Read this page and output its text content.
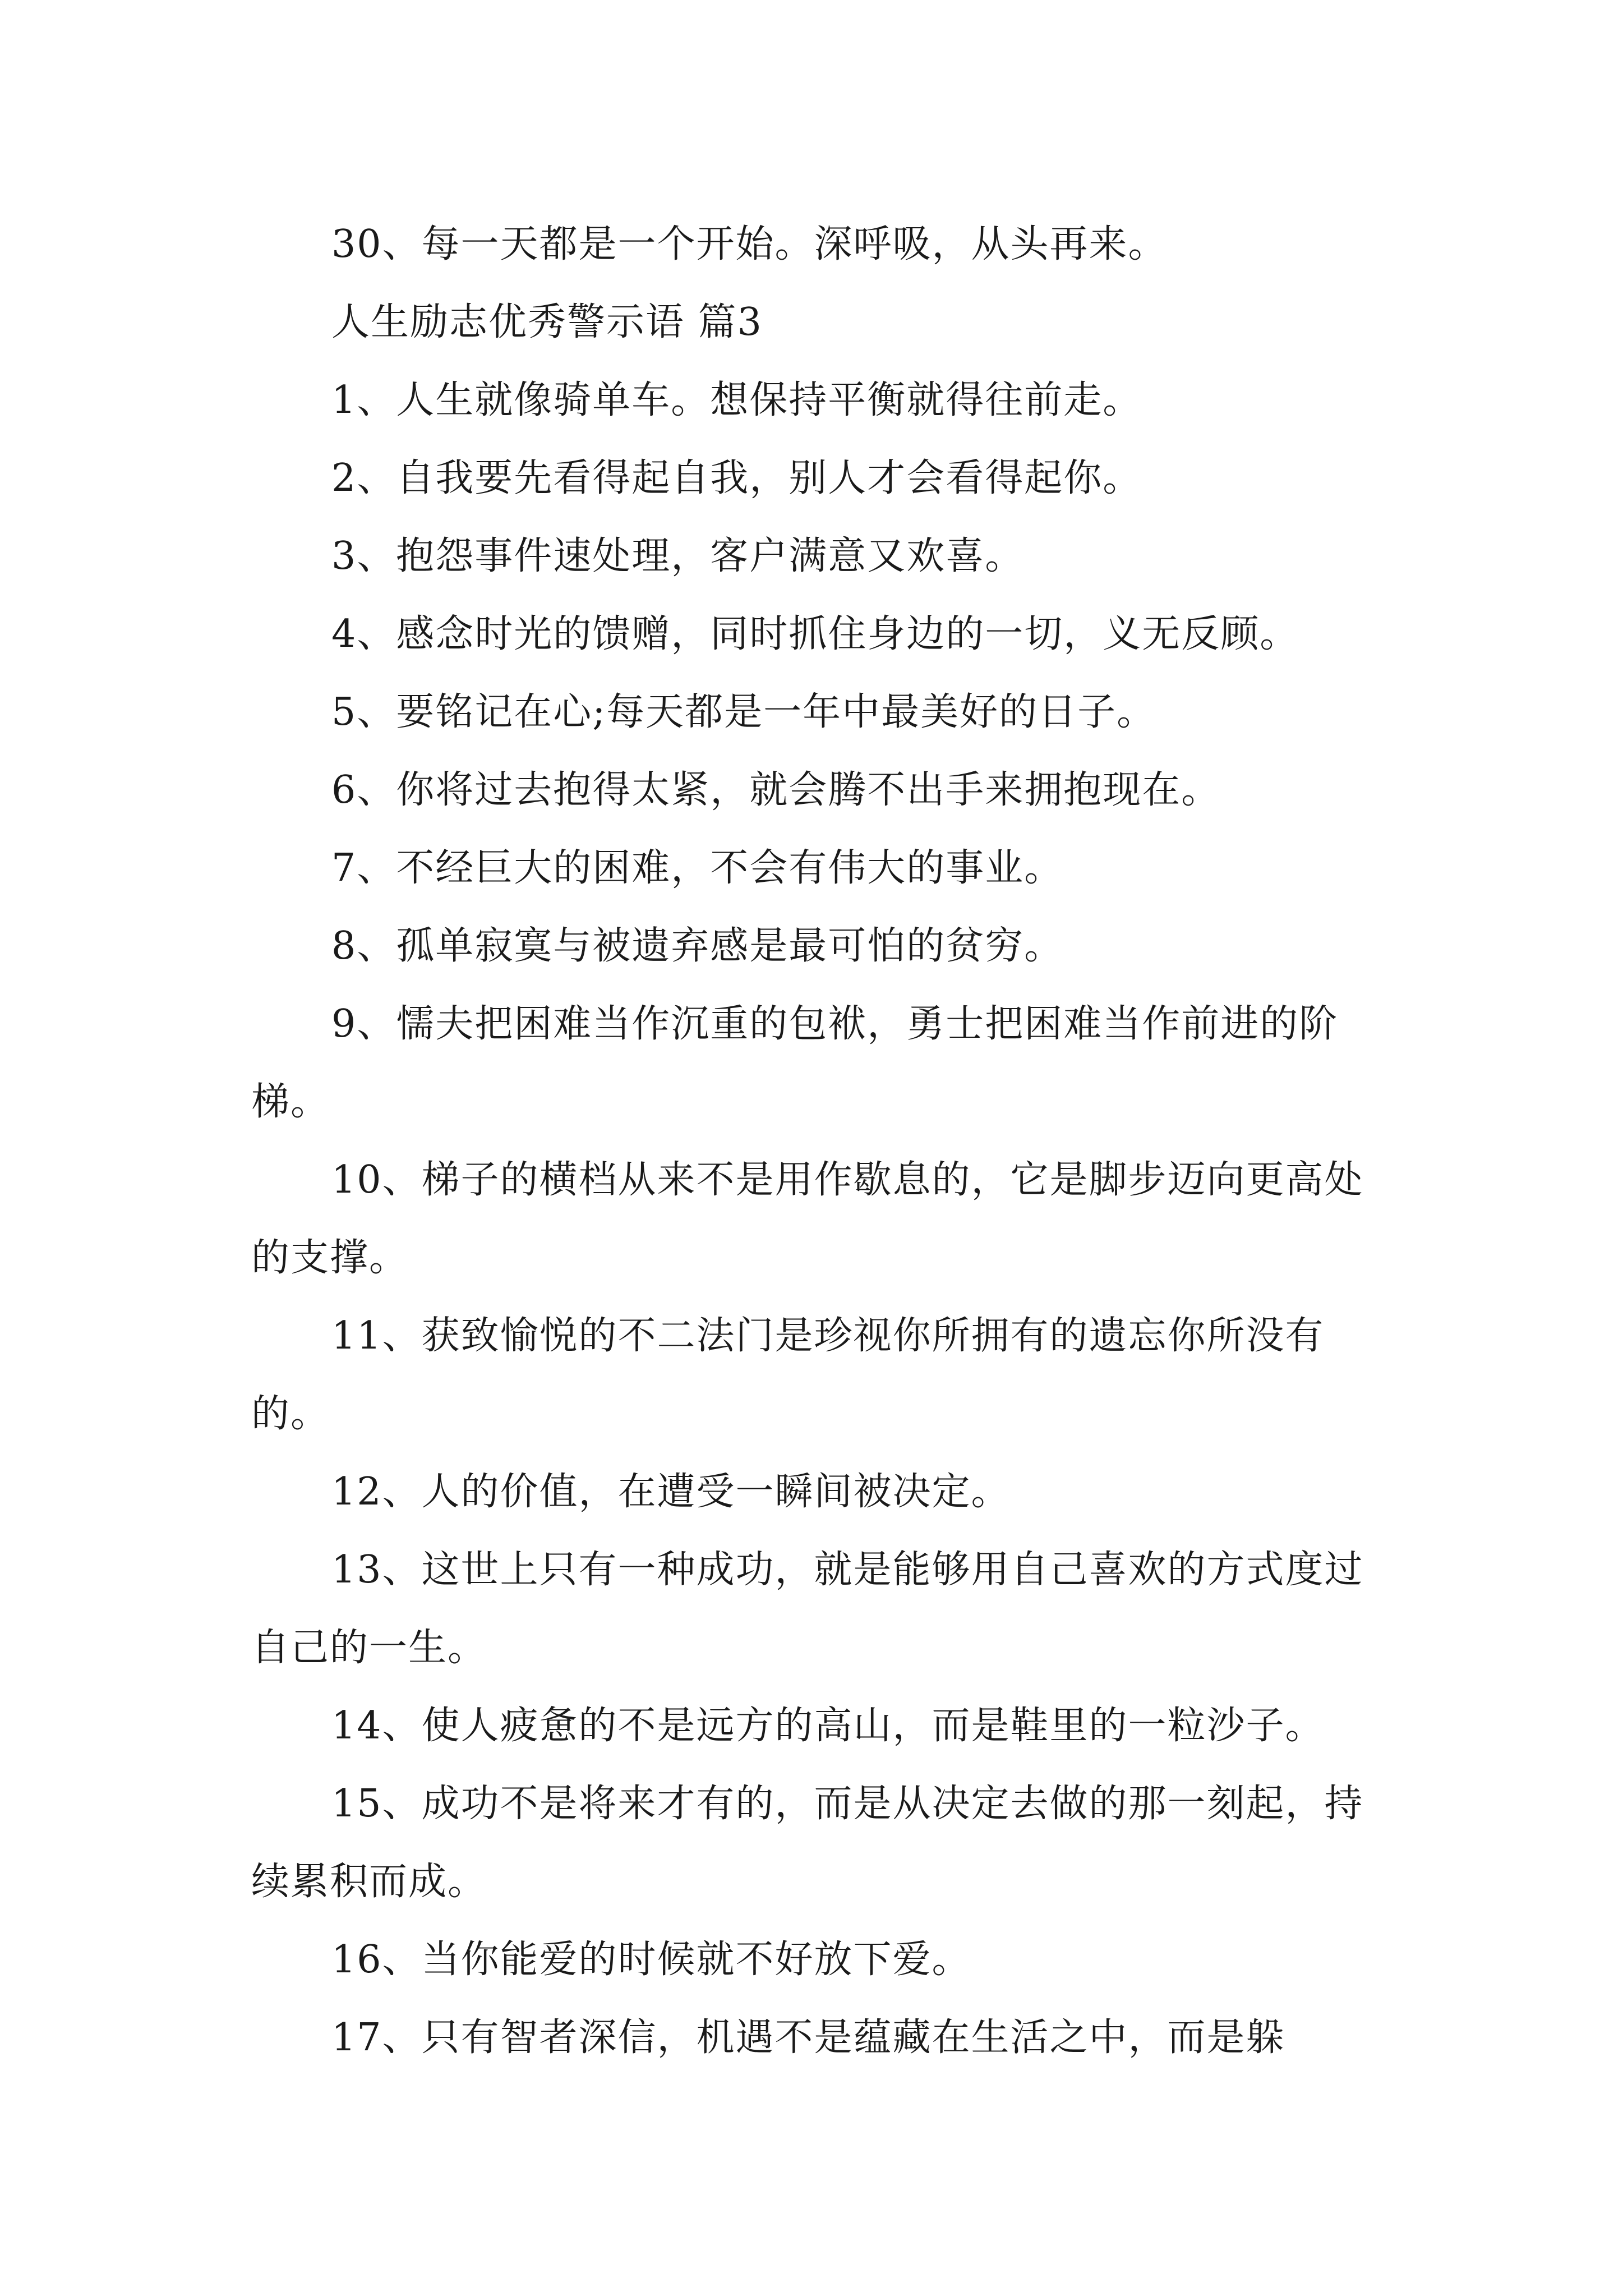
30、每一天都是一个开始。深呼吸，从头再来。

人生励志优秀警示语 篇3

1、人生就像骑单车。想保持平衡就得往前走。

2、自我要先看得起自我，别人才会看得起你。

3、抱怨事件速处理，客户满意又欢喜。

4、感念时光的馈赠，同时抓住身边的一切，义无反顾。

5、要铭记在心;每天都是一年中最美好的日子。

6、你将过去抱得太紧，就会腾不出手来拥抱现在。

7、不经巨大的困难，不会有伟大的事业。

8、孤单寂寞与被遗弃感是最可怕的贫穷。

9、懦夫把困难当作沉重的包袱，勇士把困难当作前进的阶梯。

10、梯子的横档从来不是用作歇息的，它是脚步迈向更高处的支撑。

11、获致愉悦的不二法门是珍视你所拥有的遗忘你所没有的。

12、人的价值，在遭受一瞬间被决定。

13、这世上只有一种成功，就是能够用自己喜欢的方式度过自己的一生。

14、使人疲惫的不是远方的高山，而是鞋里的一粒沙子。

15、成功不是将来才有的，而是从决定去做的那一刻起，持续累积而成。

16、当你能爱的时候就不好放下爱。

17、只有智者深信，机遇不是蕴藏在生活之中，而是躲
